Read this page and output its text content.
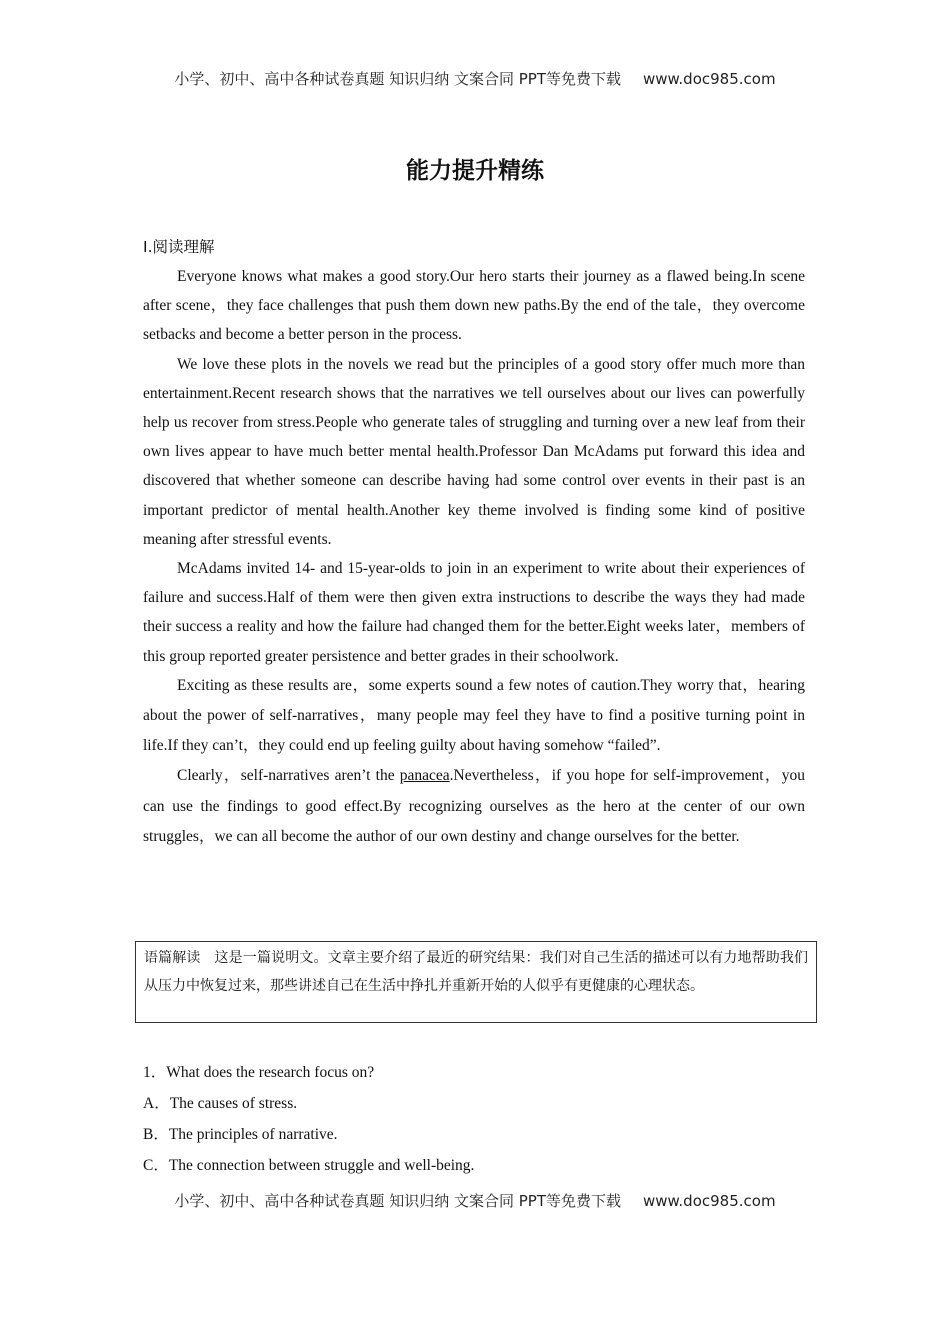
小学、初中、高中各种试卷真题 知识归纳 文案合同 PPT等免费下载 www.doc985.com
能力提升精练
Ⅰ.阅读理解

Everyone knows what makes a good story.Our hero starts their journey as a flawed being.In scene after scene，they face challenges that push them down new paths.By the end of the tale，they overcome setbacks and become a better person in the process.

We love these plots in the novels we read but the principles of a good story offer much more than entertainment.Recent research shows that the narratives we tell ourselves about our lives can powerfully help us recover from stress.People who generate tales of struggling and turning over a new leaf from their own lives appear to have much better mental health.Professor Dan McAdams put forward this idea and discovered that whether someone can describe having had some control over events in their past is an important predictor of mental health.Another key theme involved is finding some kind of positive meaning after stressful events.

McAdams invited 14- and 15-year-olds to join in an experiment to write about their experiences of failure and success.Half of them were then given extra instructions to describe the ways they had made their success a reality and how the failure had changed them for the better.Eight weeks later，members of this group reported greater persistence and better grades in their schoolwork.

Exciting as these results are，some experts sound a few notes of caution.They worry that，hearing about the power of self-narratives，many people may feel they have to find a positive turning point in life.If they can’t，they could end up feeling guilty about having somehow “failed”.

Clearly，self-narratives aren’t the panacea.Nevertheless，if you hope for self-improvement，you can use the findings to good effect.By recognizing ourselves as the hero at the center of our own struggles，we can all become the author of our own destiny and change ourselves for the better.

语篇解读 这是一篇说明文。文章主要介绍了最近的研究结果：我们对自己生活的描述可以有力地帮助我们从压力中恢复过来，那些讲述自己在生活中挣扎并重新开始的人似乎有更健康的心理状态。
1．What does the research focus on?
A．The causes of stress.
B．The principles of narrative.
C．The connection between struggle and well-being.
小学、初中、高中各种试卷真题 知识归纳 文案合同 PPT等免费下载 www.doc985.com
